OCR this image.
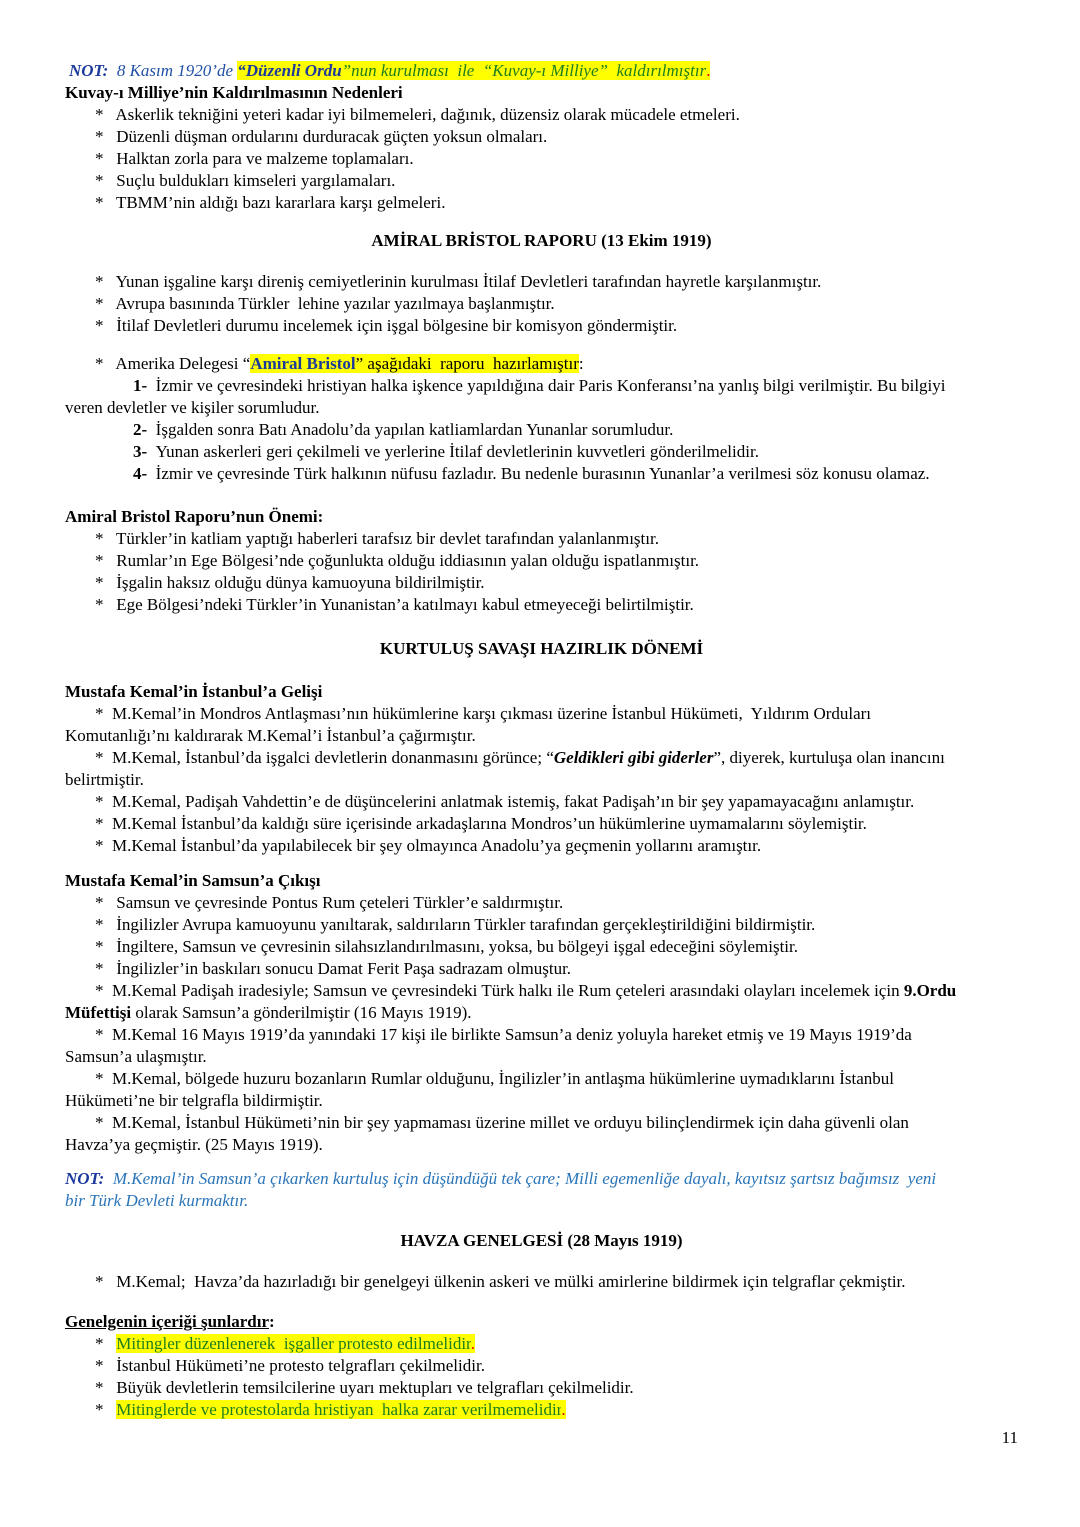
NOT:  8 Kasım 1920’de “Düzenli Ordu”nun kurulması  ile  “Kuvay-ı Milliye”  kaldırılmıştır.
Kuvay-ı Milliye’nin Kaldırılmasının Nedenleri
*   Askerlik tekniğini yeteri kadar iyi bilmemeleri, dağınık, düzensiz olarak mücadele etmeleri.
*   Düzenli düşman ordularını durduracak güçten yoksun olmaları.
*   Halktan zorla para ve malzeme toplamaları.
*   Suçlu buldukları kimseleri yargılamaları.
*   TBMM’nin aldığı bazı kararlara karşı gelmeleri.
AMİRAL BRİSTOL RAPORU (13 Ekim 1919)
*   Yunan işgaline karşı direniş cemiyetlerinin kurulması İtilaf Devletleri tarafından hayretle karşılanmıştır.
*   Avrupa basınında Türkler  lehine yazılar yazılmaya başlanmıştır.
*   İtilaf Devletleri durumu incelemek için işgal bölgesine bir komisyon göndermiştir.
*   Amerika Delegesi “Amiral Bristol” aşağıdaki  raporu  hazırlamıştır:
1-  İzmir ve çevresindeki hristiyan halka işkence yapıldığına dair Paris Konferansı’na yanlış bilgi verilmiştir. Bu bilgiyi
veren devletler ve kişiler sorumludur.
2-  İşgalden sonra Batı Anadolu’da yapılan katliamlardan Yunanlar sorumludur.
3-  Yunan askerleri geri çekilmeli ve yerlerine İtilaf devletlerinin kuvvetleri gönderilmelidir.
4-  İzmir ve çevresinde Türk halkının nüfusu fazladır. Bu nedenle burasının Yunanlar’a verilmesi söz konusu olamaz.
Amiral Bristol Raporu’nun Önemi:
*   Türkler’in katliam yaptığı haberleri tarafsız bir devlet tarafından yalanlanmıştır.
*   Rumlar’ın Ege Bölgesi’nde çoğunlukta olduğu iddiasının yalan olduğu ispatlanmıştır.
*   İşgalin haksız olduğu dünya kamuoyuna bildirilmiştir.
*   Ege Bölgesi’ndeki Türkler’in Yunanistan’a katılmayı kabul etmeyeceği belirtilmiştir.
KURTULUŞ SAVAŞI HAZIRLIK DÖNEMİ
Mustafa Kemal’in İstanbul’a Gelişi
*  M.Kemal’in Mondros Antlaşması’nın hükümlerine karşı çıkması üzerine İstanbul Hükümeti,  Yıldırım Orduları
Komutanlığı’nı kaldırarak M.Kemal’i İstanbul’a çağırmıştır.
*  M.Kemal, İstanbul’da işgalci devletlerin donanmasını görünce; “Geldikleri gibi giderler”, diyerek, kurtuluşa olan inancını
belirtmiştir.
*  M.Kemal, Padişah Vahdettin’e de düşüncelerini anlatmak istemiş, fakat Padişah’ın bir şey yapamayacağını anlamıştır.
*  M.Kemal İstanbul’da kaldığı süre içerisinde arkadaşlarına Mondros’un hükümlerine uymamalarını söylemiştir.
*  M.Kemal İstanbul’da yapılabilecek bir şey olmayınca Anadolu’ya geçmenin yollarını aramıştır.
Mustafa Kemal’in Samsun’a Çıkışı
*   Samsun ve çevresinde Pontus Rum çeteleri Türkler’e saldırmıştır.
*   İngilizler Avrupa kamuoyunu yanıltarak, saldırıların Türkler tarafından gerçekleştirildiğini bildirmiştir.
*   İngiltere, Samsun ve çevresinin silahsızlandırılmasını, yoksa, bu bölgeyi işgal edeceğini söylemiştir.
*   İngilizler’in baskıları sonucu Damat Ferit Paşa sadrazam olmuştur.
*  M.Kemal Padişah iradesiyle; Samsun ve çevresindeki Türk halkı ile Rum çeteleri arasındaki olayları incelemek için 9.Ordu
Müfettişi olarak Samsun’a gönderilmiştir (16 Mayıs 1919).
*  M.Kemal 16 Mayıs 1919’da yanındaki 17 kişi ile birlikte Samsun’a deniz yoluyla hareket etmiş ve 19 Mayıs 1919’da
Samsun’a ulaşmıştır.
*  M.Kemal, bölgede huzuru bozanların Rumlar olduğunu, İngilizler’in antlaşma hükümlerine uymadıklarını İstanbul
Hükümeti’ne bir telgrafla bildirmiştir.
*  M.Kemal, İstanbul Hükümeti’nin bir şey yapmaması üzerine millet ve orduyu bilinçlendirmek için daha güvenli olan
Havza’ya geçmiştir. (25 Mayıs 1919).
NOT:  M.Kemal’in Samsun’a çıkarken kurtuluş için düşündüğü tek çare; Milli egemenliğe dayalı, kayıtsız şartsız bağımsız  yeni
bir Türk Devleti kurmaktır.
HAVZA GENELGESİ (28 Mayıs 1919)
*   M.Kemal;  Havza’da hazırladığı bir genelgeyi ülkenin askeri ve mülki amirlerine bildirmek için telgraflar çekmiştir.
Genelgenin içeriği şunlardır:
*   Mitingler düzenlenerek  işgaller protesto edilmelidir.
*   İstanbul Hükümeti’ne protesto telgrafları çekilmelidir.
*   Büyük devletlerin temsilcilerine uyarı mektupları ve telgrafları çekilmelidir.
*   Mitinglerde ve protestolarda hristiyan  halka zarar verilmemelidir.
11
